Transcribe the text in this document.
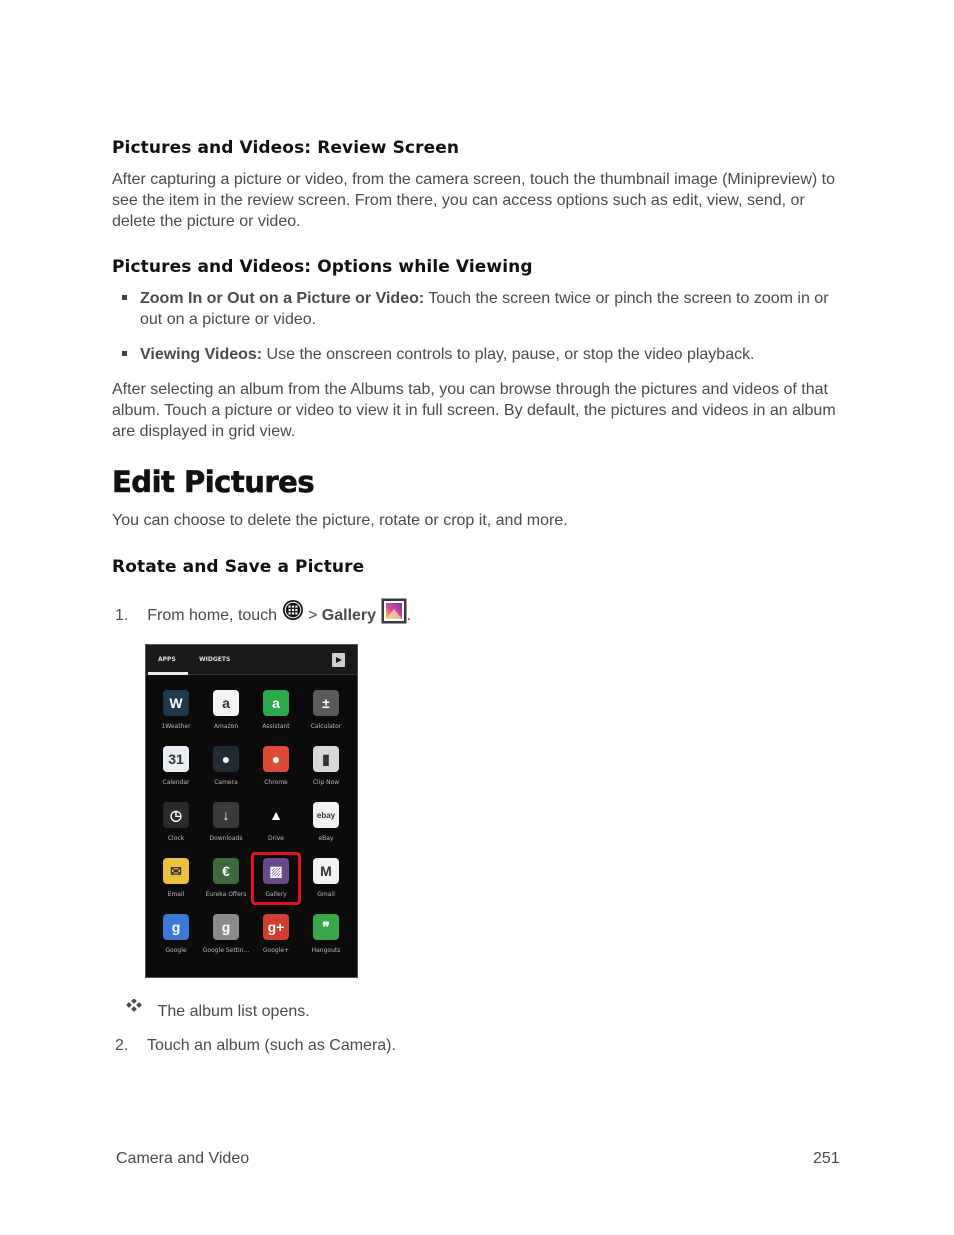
Pictures and Videos: Review Screen
After capturing a picture or video, from the camera screen, touch the thumbnail image (Minipreview) to see the item in the review screen. From there, you can access options such as edit, view, send, or delete the picture or video.
Pictures and Videos: Options while Viewing
Zoom In or Out on a Picture or Video: Touch the screen twice or pinch the screen to zoom in or out on a picture or video.
Viewing Videos: Use the onscreen controls to play, pause, or stop the video playback.
After selecting an album from the Albums tab, you can browse through the pictures and videos of that album. Touch a picture or video to view it in full screen. By default, the pictures and videos in an album are displayed in grid view.
Edit Pictures
You can choose to delete the picture, rotate or crop it, and more.
Rotate and Save a Picture
1. From home, touch > Gallery .
APPS	WIDGETS
W
1Weather
a
Amazon
a
Assistant
±
Calculator
31
Calendar
●
Camera
●
Chrome
▮
Clip Now
◷
Clock
↓
Downloads
▲
Drive
ebay
eBay
✉
Email
€
Eureka Offers
▨
Gallery
M
Gmail
g
Google
g
Google Settin...
g+
Google+
❞
Hangouts
The album list opens.
2. Touch an album (such as Camera).
Camera and Video	251
